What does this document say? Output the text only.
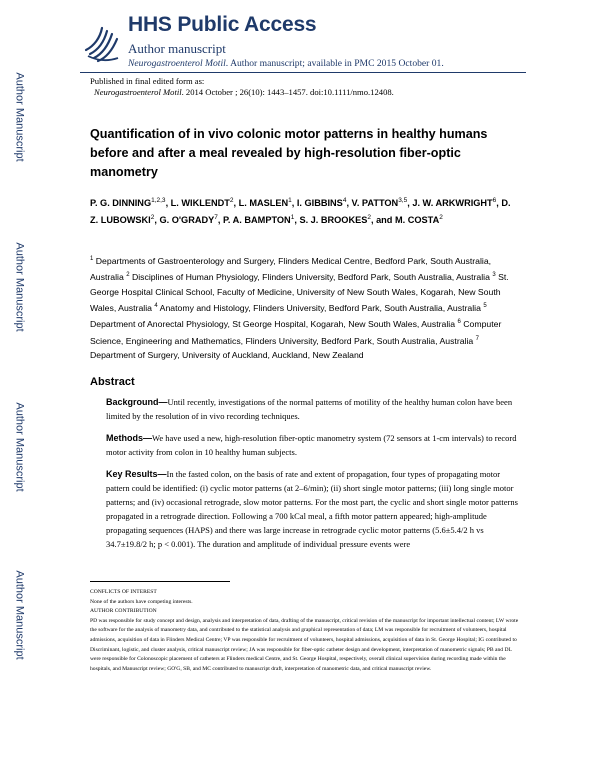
HHS Public Access
Author manuscript
Neurogastroenterol Motil. Author manuscript; available in PMC 2015 October 01.
Author Manuscript
Author Manuscript
Author Manuscript
Author Manuscript
Published in final edited form as:
Neurogastroenterol Motil. 2014 October ; 26(10): 1443–1457. doi:10.1111/nmo.12408.
Quantification of in vivo colonic motor patterns in healthy humans before and after a meal revealed by high-resolution fiber-optic manometry
P. G. DINNING$^{1,2,3}$, L. WIKLENDT$^2$, L. MASLEN$^1$, I. GIBBINS$^4$, V. PATTON$^{3,5}$, J. W. ARKWRIGHT$^6$, D. Z. LUBOWSKI$^2$, G. O'GRADY$^7$, P. A. BAMPTON$^1$, S. J. BROOKES$^2$, and M. COSTA$^2$
$^1$ Departments of Gastroenterology and Surgery, Flinders Medical Centre, Bedford Park, South Australia, Australia $^2$ Disciplines of Human Physiology, Flinders University, Bedford Park, South Australia, Australia $^3$ St. George Hospital Clinical School, Faculty of Medicine, University of New South Wales, Kogarah, New South Wales, Australia $^4$ Anatomy and Histology, Flinders University, Bedford Park, South Australia, Australia $^5$ Department of Anorectal Physiology, St George Hospital, Kogarah, New South Wales, Australia $^6$ Computer Science, Engineering and Mathematics, Flinders University, Bedford Park, South Australia, Australia $^7$ Department of Surgery, University of Auckland, Auckland, New Zealand
Abstract
Background—Until recently, investigations of the normal patterns of motility of the healthy human colon have been limited by the resolution of in vivo recording techniques.
Methods—We have used a new, high-resolution fiber-optic manometry system (72 sensors at 1-cm intervals) to record motor activity from colon in 10 healthy human subjects.
Key Results—In the fasted colon, on the basis of rate and extent of propagation, four types of propagating motor pattern could be identified: (i) cyclic motor patterns (at 2–6/min); (ii) short single motor patterns; (iii) long single motor patterns; and (iv) occasional retrograde, slow motor patterns. For the most part, the cyclic and short single motor patterns propagated in a retrograde direction. Following a 700 kCal meal, a fifth motor pattern appeared; high-amplitude propagating sequences (HAPS) and there was large increase in retrograde cyclic motor patterns (5.6±5.4/2 h vs 34.7±19.8/2 h; p < 0.001). The duration and amplitude of individual pressure events were
CONFLICTS OF INTEREST
None of the authors have competing interests.
AUTHOR CONTRIBUTION
PD was responsible for study concept and design, analysis and interpretation of data, drafting of the manuscript, critical revision of the manuscript for important intellectual content; LW wrote the software for the analysis of manometry data, and contributed to the statistical analysis and graphical representation of data; LM was responsible for recruitment of volunteers, hospital admissions, acquisition of data in Flinders Medical Centre; VP was responsible for recruitment of volunteers, hospital admissions, acquisition of data in St. George Hospital; IG contributed to Discriminant, logistic, and cluster analysis, critical manuscript review; JA was responsible for fiber-optic catheter design and development, interpretation of manometric signals; PB and DL were responsible for Colonoscopic placement of catheters at Flinders medical Centre, and St. George Hospital, respectively, overall clinical supervision during recording made within the hospitals, and Manuscript review; GO'G, SB, and MC contributed to manuscript draft, interpretation of manometric data, and critical manuscript review.
